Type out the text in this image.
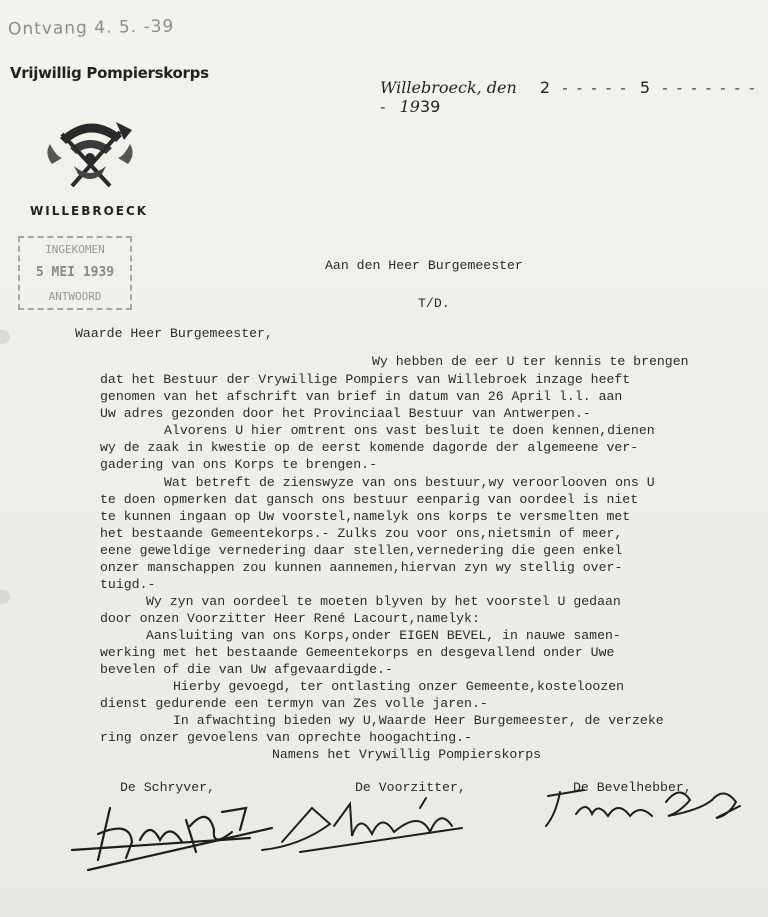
Ontvang 4. 5. -39
Vrijwillig Pompierskorps
WILLEBROECK
INGEKOMEN
5 MEI 1939
ANTWOORD
Willebroeck, den 2  - - - - -  5  - - - - - - - -  1939
Aan den Heer Burgemeester
T/D.
Waarde Heer Burgemeester,
Wy hebben de eer U ter kennis te brengen
dat het Bestuur der Vrywillige Pompiers van Willebroek inzage heeft
genomen van het afschrift van brief in datum van 26 April l.l. aan
Uw adres gezonden door het Provinciaal Bestuur van Antwerpen.-
Alvorens U hier omtrent ons vast besluit te doen kennen,dienen
wy de zaak in kwestie op de eerst komende dagorde der algemeene ver-
gadering van ons Korps te brengen.-
Wat betreft de zienswyze van ons bestuur,wy veroorlooven ons U
te doen opmerken dat gansch ons bestuur eenparig van oordeel is niet
te kunnen ingaan op Uw voorstel,namelyk ons korps te versmelten met
het bestaande Gemeentekorps.- Zulks zou voor ons,nietsmin of meer,
eene geweldige vernedering daar stellen,vernedering die geen enkel
onzer manschappen zou kunnen aannemen,hiervan zyn wy stellig over-
tuigd.-
Wy zyn van oordeel te moeten blyven by het voorstel U gedaan
door onzen Voorzitter Heer René Lacourt,namelyk:
Aansluiting van ons Korps,onder EIGEN BEVEL, in nauwe samen-
werking met het bestaande Gemeentekorps en desgevallend onder Uwe
bevelen of die van Uw afgevaardigde.-
Hierby gevoegd, ter ontlasting onzer Gemeente,kosteloozen
dienst gedurende een termyn van Zes volle jaren.-
In afwachting bieden wy U,Waarde Heer Burgemeester, de verzeke
ring onzer gevoelens van oprechte hoogachting.-
Namens het Vrywillig Pompierskorps
De Schryver,	De Voorzitter,	De Bevelhebber,
